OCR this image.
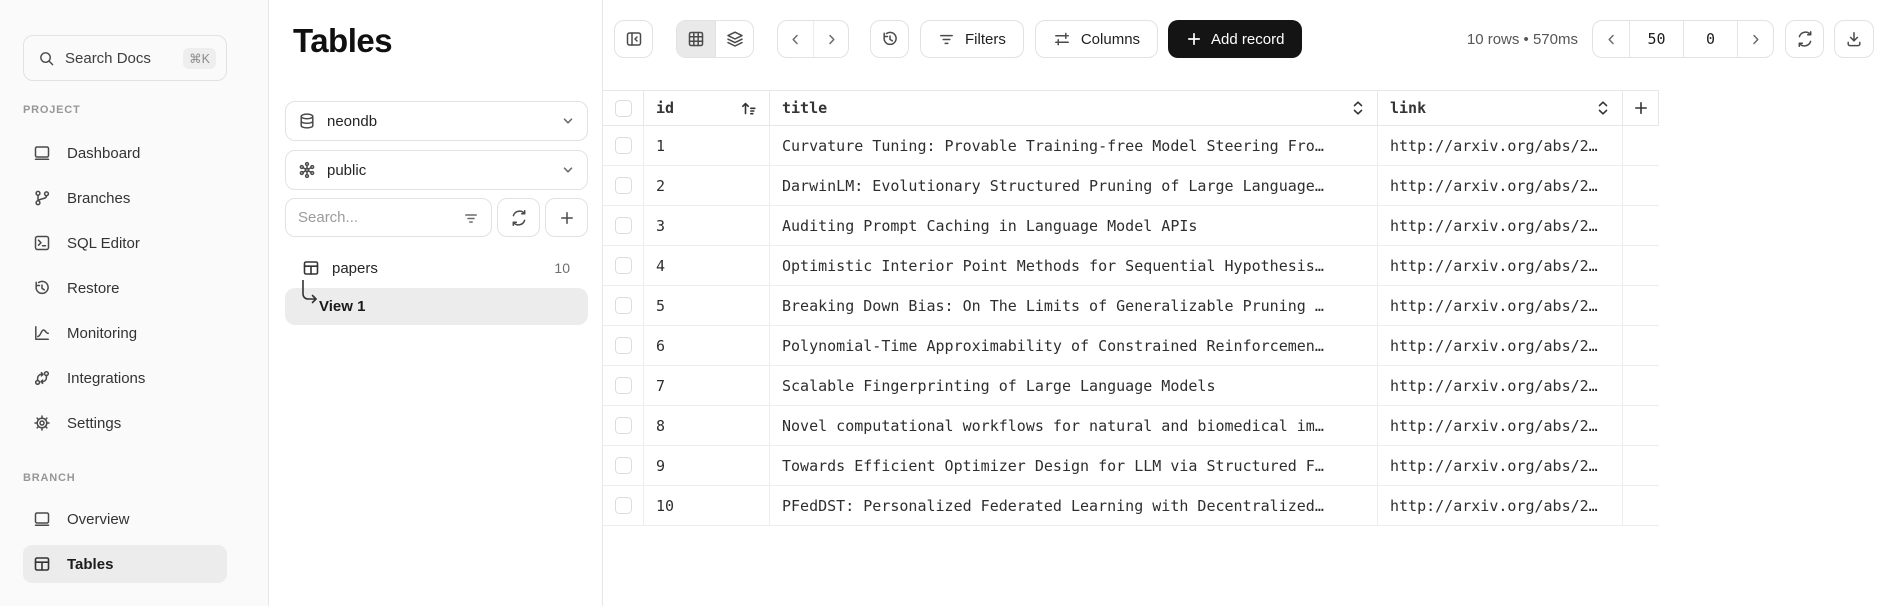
Search Docs	⌘K
PROJECT
Dashboard
Branches
SQL Editor
Restore
Monitoring
Integrations
Settings
BRANCH
Overview
Tables
Tables
neondb
public
Search...
papers	10
View 1
Filters	Columns	Add record	10 rows • 570ms	50	0
id	title	link
1	Curvature Tuning: Provable Training-free Model Steering Fro…	http://arxiv.org/abs/2…
2	DarwinLM: Evolutionary Structured Pruning of Large Language…	http://arxiv.org/abs/2…
3	Auditing Prompt Caching in Language Model APIs	http://arxiv.org/abs/2…
4	Optimistic Interior Point Methods for Sequential Hypothesis…	http://arxiv.org/abs/2…
5	Breaking Down Bias: On The Limits of Generalizable Pruning …	http://arxiv.org/abs/2…
6	Polynomial-Time Approximability of Constrained Reinforcemen…	http://arxiv.org/abs/2…
7	Scalable Fingerprinting of Large Language Models	http://arxiv.org/abs/2…
8	Novel computational workflows for natural and biomedical im…	http://arxiv.org/abs/2…
9	Towards Efficient Optimizer Design for LLM via Structured F…	http://arxiv.org/abs/2…
10	PFedDST: Personalized Federated Learning with Decentralized…	http://arxiv.org/abs/2…
